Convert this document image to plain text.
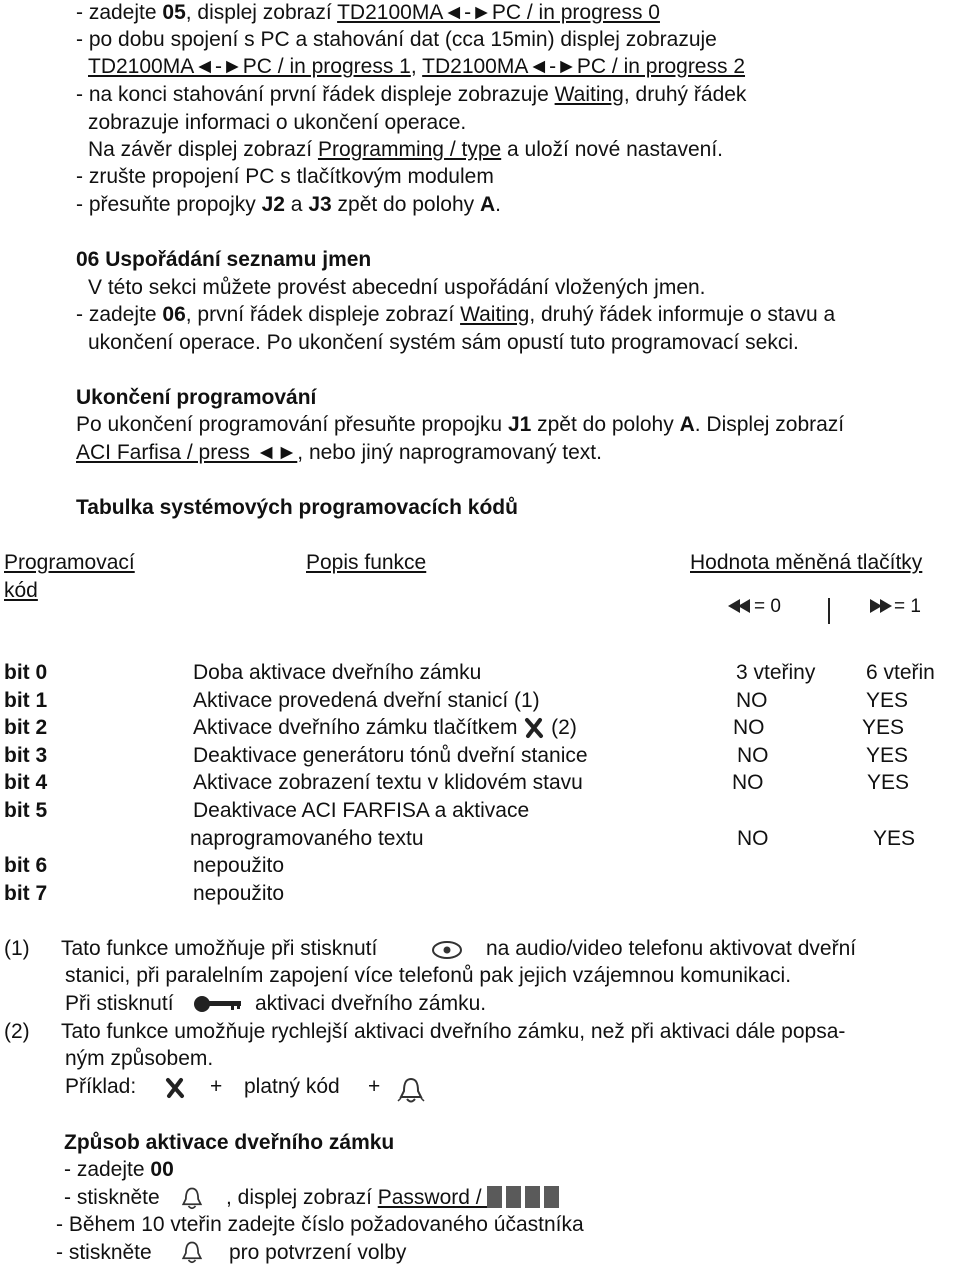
- zadejte 05, displej zobrazí TD2100MA◄-►PC / in progress 0
- po dobu spojení s PC a stahování dat (cca 15min) displej zobrazuje
TD2100MA◄-►PC / in progress 1, TD2100MA◄-►PC / in progress 2
- na konci stahování první řádek displeje zobrazuje Waiting, druhý řádek
zobrazuje informaci o ukončení operace.
Na závěr displej zobrazí Programming / type a uloží nové nastavení.
- zrušte propojení PC s tlačítkovým modulem
- přesuňte propojky J2 a J3 zpět do polohy A.
06 Uspořádání seznamu jmen
V této sekci můžete provést abecední uspořádání vložených jmen.
- zadejte 06, první řádek displeje zobrazí Waiting, druhý řádek informuje o stavu a
ukončení operace. Po ukončení systém sám opustí tuto programovací sekci.
Ukončení programování
Po ukončení programování přesuňte propojku J1 zpět do polohy A. Displej zobrazí
ACI Farfisa / press ◄►, nebo jiný naprogramovaný text.
Tabulka systémových programovacích kódů
Programovací
kód
Popis funkce	Hodnota měněná tlačítky
= 0	= 1
bit 0	Doba aktivace dveřního zámku	3 vteřiny 6 vteřin
bit 1	Aktivace provedená dveřní stanicí (1)	NO	YES
bit 2	Aktivace dveřního zámku tlačítkem (2)	NO	YES
bit 3	Deaktivace generátoru tónů dveřní stanice	NO	YES
bit 4	Aktivace zobrazení textu v klidovém stavu	NO	YES
bit 5	Deaktivace ACI FARFISA a aktivace
naprogramovaného textu	NO	YES
bit 6	nepoužito
bit 7	nepoužito
(1) Tato funkce umožňuje při stisknutí	na audio/video telefonu aktivovat dveřní
stanici, při paralelním zapojení více telefonů pak jejich vzájemnou komunikaci.
Při stisknutí	aktivaci dveřního zámku.
(2) Tato funkce umožňuje rychlejší aktivaci dveřního zámku, než při aktivaci dále popsa-
ným způsobem.
Příklad:	+ platný kód +
Způsob aktivace dveřního zámku
- zadejte 00
- stiskněte	, displej zobrazí Password /
- Během 10 vteřin zadejte číslo požadovaného účastníka
- stiskněte	pro potvrzení volby
